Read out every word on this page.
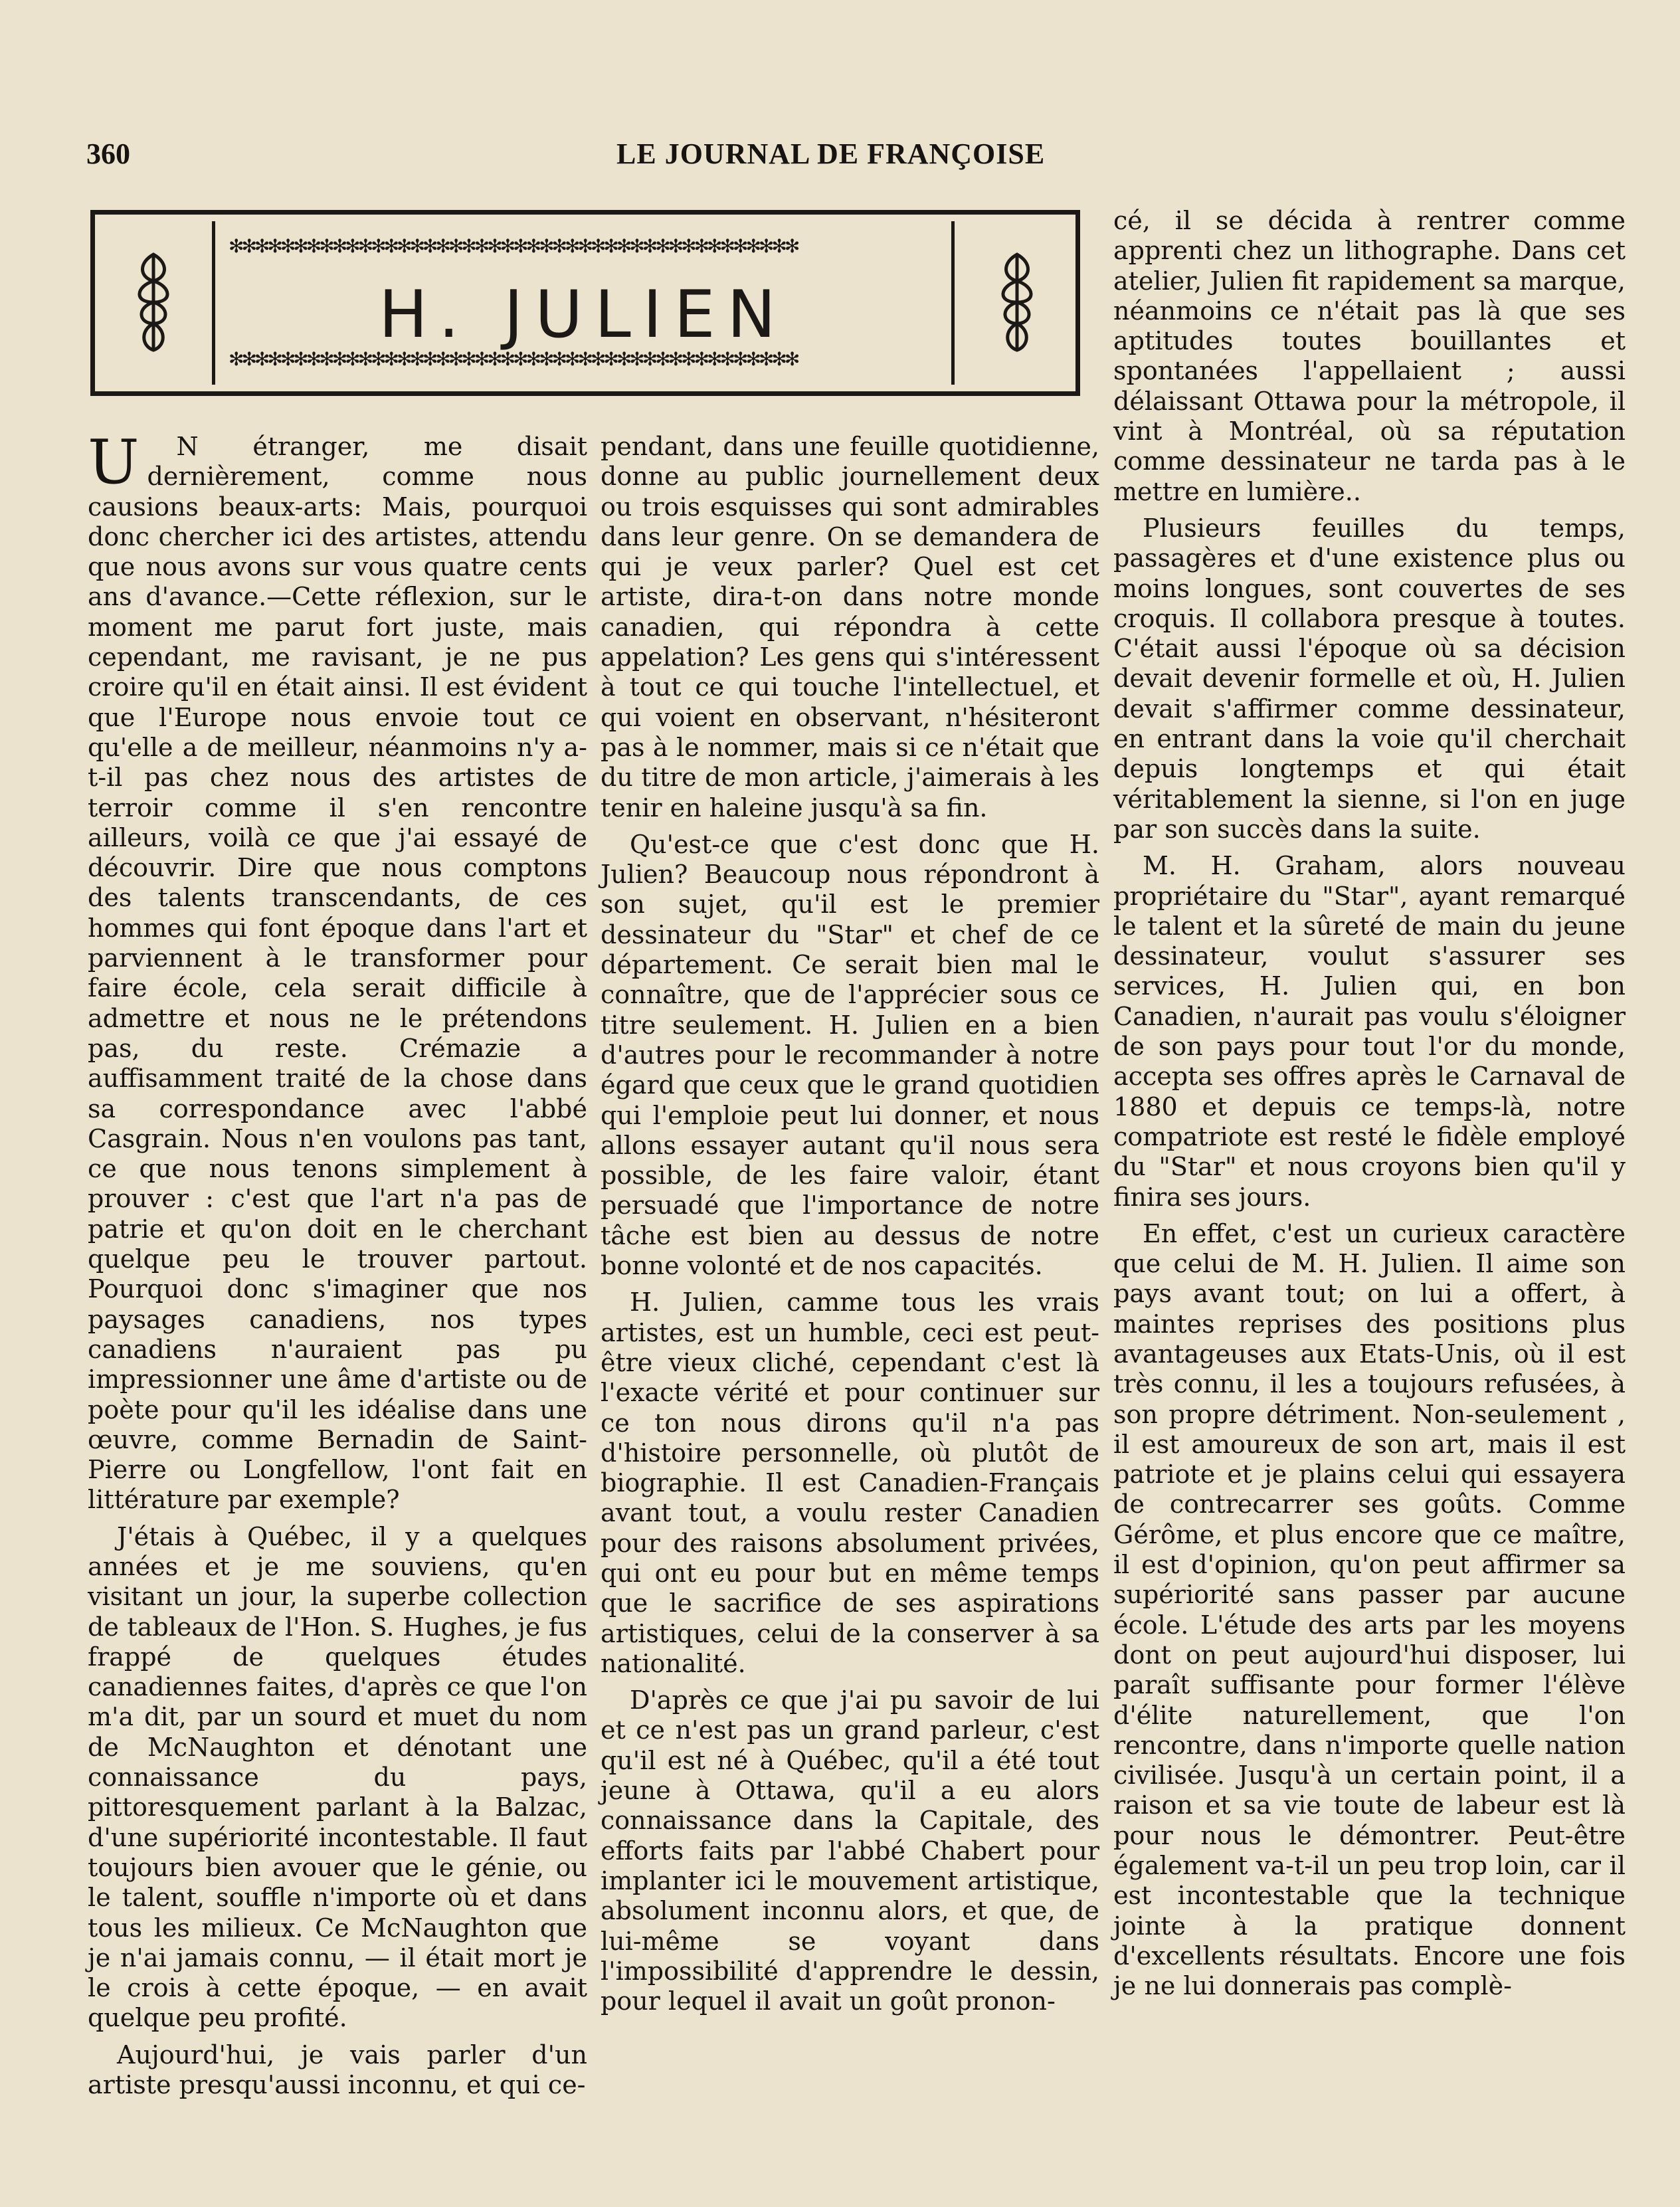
360	LE JOURNAL DE FRANÇOISE
✻✻✻✻✻✻✻✻✻✻✻✻✻✻✻✻✻✻✻✻✻✻✻✻✻✻✻✻✻✻✻✻✻✻✻✻✻✻✻✻✻✻✻✻
H. JULIEN
✻✻✻✻✻✻✻✻✻✻✻✻✻✻✻✻✻✻✻✻✻✻✻✻✻✻✻✻✻✻✻✻✻✻✻✻✻✻✻✻✻✻✻✻

U N étranger, me disait dernièrement, comme nous causions beaux-arts: Mais, pourquoi donc chercher ici des artistes, attendu que nous avons sur vous quatre cents ans d'avance.—Cette réflexion, sur le moment me parut fort juste, mais cependant, me ravisant, je ne pus croire qu'il en était ainsi. Il est évident que l'Europe nous envoie tout ce qu'elle a de meilleur, néanmoins n'y a-t-il pas chez nous des artistes de terroir comme il s'en rencontre ailleurs, voilà ce que j'ai essayé de découvrir. Dire que nous comptons des talents transcendants, de ces hommes qui font époque dans l'art et parviennent à le transformer pour faire école, cela serait difficile à admettre et nous ne le prétendons pas, du reste. Crémazie a auffisamment traité de la chose dans sa correspondance avec l'abbé Casgrain. Nous n'en voulons pas tant, ce que nous tenons simplement à prouver : c'est que l'art n'a pas de patrie et qu'on doit en le cherchant quelque peu le trouver partout. Pourquoi donc s'imaginer que nos paysages canadiens, nos types canadiens n'auraient pas pu impressionner une âme d'artiste ou de poète pour qu'il les idéalise dans une œuvre, comme Bernadin de Saint-Pierre ou Longfellow, l'ont fait en littérature par exemple?

J'étais à Québec, il y a quelques années et je me souviens, qu'en visitant un jour, la superbe collection de tableaux de l'Hon. S. Hughes, je fus frappé de quelques études canadiennes faites, d'après ce que l'on m'a dit, par un sourd et muet du nom de McNaughton et dénotant une connaissance du pays, pittoresquement parlant à la Balzac, d'une supériorité incontestable. Il faut toujours bien avouer que le génie, ou le talent, souffle n'importe où et dans tous les milieux. Ce McNaughton que je n'ai jamais connu, — il était mort je le crois à cette époque, — en avait quelque peu profité.

Aujourd'hui, je vais parler d'un artiste presqu'aussi inconnu, et qui ce-

pendant, dans une feuille quotidienne, donne au public journellement deux ou trois esquisses qui sont admirables dans leur genre. On se demandera de qui je veux parler? Quel est cet artiste, dira-t-on dans notre monde canadien, qui répondra à cette appelation? Les gens qui s'intéressent à tout ce qui touche l'intellectuel, et qui voient en observant, n'hésiteront pas à le nommer, mais si ce n'était que du titre de mon article, j'aimerais à les tenir en haleine jusqu'à sa fin.

Qu'est-ce que c'est donc que H. Julien? Beaucoup nous répondront à son sujet, qu'il est le premier dessinateur du "Star" et chef de ce département. Ce serait bien mal le connaître, que de l'apprécier sous ce titre seulement. H. Julien en a bien d'autres pour le recommander à notre égard que ceux que le grand quotidien qui l'emploie peut lui donner, et nous allons essayer autant qu'il nous sera possible, de les faire valoir, étant persuadé que l'importance de notre tâche est bien au dessus de notre bonne volonté et de nos capacités.

H. Julien, camme tous les vrais artistes, est un humble, ceci est peut-être vieux cliché, cependant c'est là l'exacte vérité et pour continuer sur ce ton nous dirons qu'il n'a pas d'histoire personnelle, où plutôt de biographie. Il est Canadien-Français avant tout, a voulu rester Canadien pour des raisons absolument privées, qui ont eu pour but en même temps que le sacrifice de ses aspirations artistiques, celui de la conserver à sa nationalité.

D'après ce que j'ai pu savoir de lui et ce n'est pas un grand parleur, c'est qu'il est né à Québec, qu'il a été tout jeune à Ottawa, qu'il a eu alors connaissance dans la Capitale, des efforts faits par l'abbé Chabert pour implanter ici le mouvement artistique, absolument inconnu alors, et que, de lui-même se voyant dans l'impossibilité d'apprendre le dessin, pour lequel il avait un goût pronon-

cé, il se décida à rentrer comme apprenti chez un lithographe. Dans cet atelier, Julien fit rapidement sa marque, néanmoins ce n'était pas là que ses aptitudes toutes bouillantes et spontanées l'appellaient ; aussi délaissant Ottawa pour la métropole, il vint à Montréal, où sa réputation comme dessinateur ne tarda pas à le mettre en lumière..

Plusieurs feuilles du temps, passagères et d'une existence plus ou moins longues, sont couvertes de ses croquis. Il collabora presque à toutes. C'était aussi l'époque où sa décision devait devenir formelle et où, H. Julien devait s'affirmer comme dessinateur, en entrant dans la voie qu'il cherchait depuis longtemps et qui était véritablement la sienne, si l'on en juge par son succès dans la suite.

M. H. Graham, alors nouveau propriétaire du "Star", ayant remarqué le talent et la sûreté de main du jeune dessinateur, voulut s'assurer ses services, H. Julien qui, en bon Canadien, n'aurait pas voulu s'éloigner de son pays pour tout l'or du monde, accepta ses offres après le Carnaval de 1880 et depuis ce temps-là, notre compatriote est resté le fidèle employé du "Star" et nous croyons bien qu'il y finira ses jours.

En effet, c'est un curieux caractère que celui de M. H. Julien. Il aime son pays avant tout; on lui a offert, à maintes reprises des positions plus avantageuses aux Etats-Unis, où il est très connu, il les a toujours refusées, à son propre détriment. Non-seulement , il est amoureux de son art, mais il est patriote et je plains celui qui essayera de contrecarrer ses goûts. Comme Gérôme, et plus encore que ce maître, il est d'opinion, qu'on peut affirmer sa supériorité sans passer par aucune école. L'étude des arts par les moyens dont on peut aujourd'hui disposer, lui paraît suffisante pour former l'élève d'élite naturellement, que l'on rencontre, dans n'importe quelle nation civilisée. Jusqu'à un certain point, il a raison et sa vie toute de labeur est là pour nous le démontrer. Peut-être également va-t-il un peu trop loin, car il est incontestable que la technique jointe à la pratique donnent d'excellents résultats. Encore une fois je ne lui donnerais pas complè-
